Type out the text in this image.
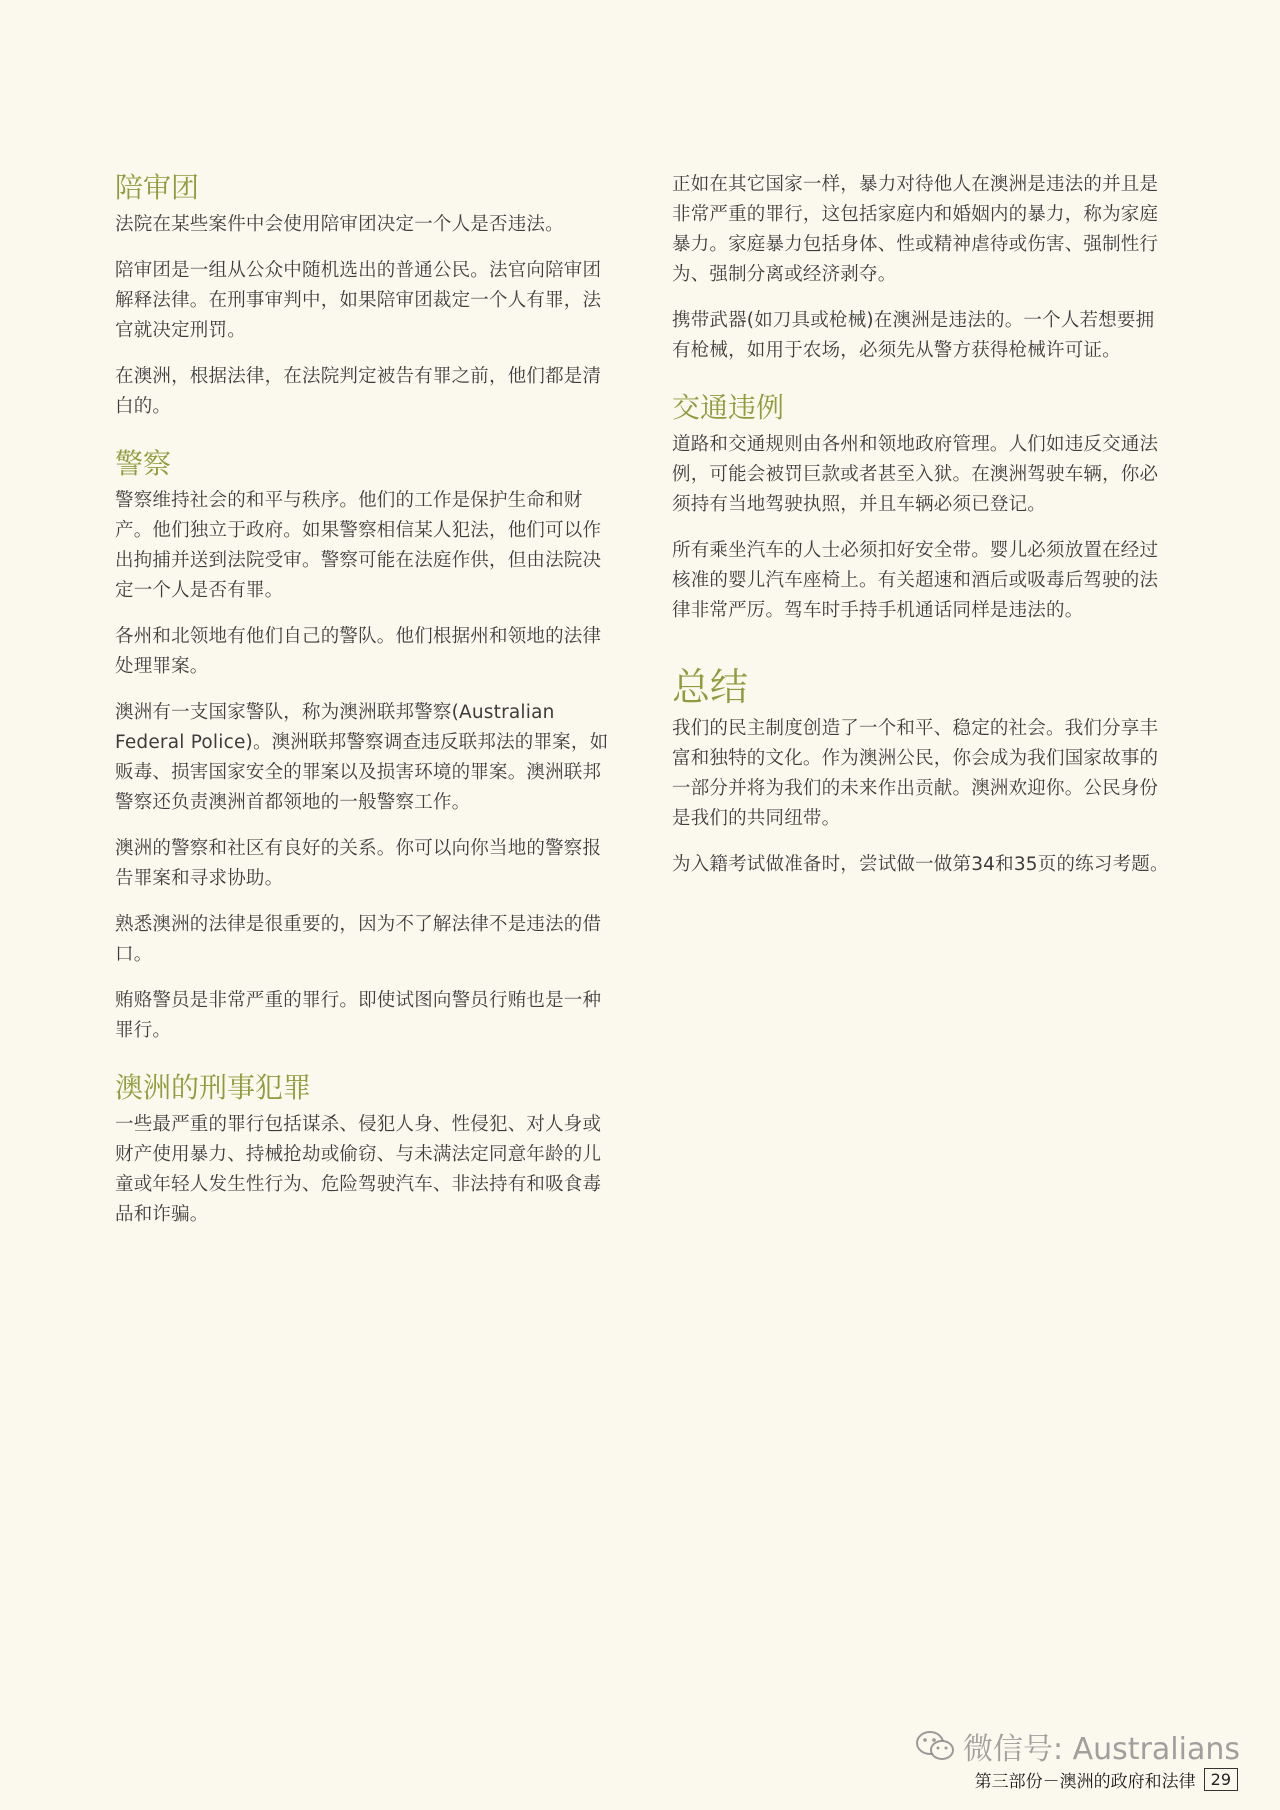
陪审团

法院在某些案件中会使用陪审团决定一个人是否违法。

陪审团是一组从公众中随机选出的普通公民。法官向陪审团解释法律。在刑事审判中，如果陪审团裁定一个人有罪，法官就决定刑罚。

在澳洲，根据法律，在法院判定被告有罪之前，他们都是清白的。

警察

警察维持社会的和平与秩序。他们的工作是保护生命和财产。他们独立于政府。如果警察相信某人犯法，他们可以作出拘捕并送到法院受审。警察可能在法庭作供，但由法院决定一个人是否有罪。

各州和北领地有他们自己的警队。他们根据州和领地的法律处理罪案。

澳洲有一支国家警队，称为澳洲联邦警察(Australian Federal Police)。澳洲联邦警察调查违反联邦法的罪案，如贩毒、损害国家安全的罪案以及损害环境的罪案。澳洲联邦警察还负责澳洲首都领地的一般警察工作。

澳洲的警察和社区有良好的关系。你可以向你当地的警察报告罪案和寻求协助。

熟悉澳洲的法律是很重要的，因为不了解法律不是违法的借口。

贿赂警员是非常严重的罪行。即使试图向警员行贿也是一种罪行。

澳洲的刑事犯罪

一些最严重的罪行包括谋杀、侵犯人身、性侵犯、对人身或财产使用暴力、持械抢劫或偷窃、与未满法定同意年龄的儿童或年轻人发生性行为、危险驾驶汽车、非法持有和吸食毒品和诈骗。

正如在其它国家一样，暴力对待他人在澳洲是违法的并且是非常严重的罪行，这包括家庭内和婚姻内的暴力，称为家庭暴力。家庭暴力包括身体、性或精神虐待或伤害、强制性行为、强制分离或经济剥夺。

携带武器(如刀具或枪械)在澳洲是违法的。一个人若想要拥有枪械，如用于农场，必须先从警方获得枪械许可证。

交通违例

道路和交通规则由各州和领地政府管理。人们如违反交通法例，可能会被罚巨款或者甚至入狱。在澳洲驾驶车辆，你必须持有当地驾驶执照，并且车辆必须已登记。

所有乘坐汽车的人士必须扣好安全带。婴儿必须放置在经过核准的婴儿汽车座椅上。有关超速和酒后或吸毒后驾驶的法律非常严厉。驾车时手持手机通话同样是违法的。

总结

我们的民主制度创造了一个和平、稳定的社会。我们分享丰富和独特的文化。作为澳洲公民，你会成为我们国家故事的一部分并将为我们的未来作出贡献。澳洲欢迎你。公民身份是我们的共同纽带。

为入籍考试做准备时，尝试做一做第34和35页的练习考题。

微信号: Australians
第三部份－澳洲的政府和法律 29
